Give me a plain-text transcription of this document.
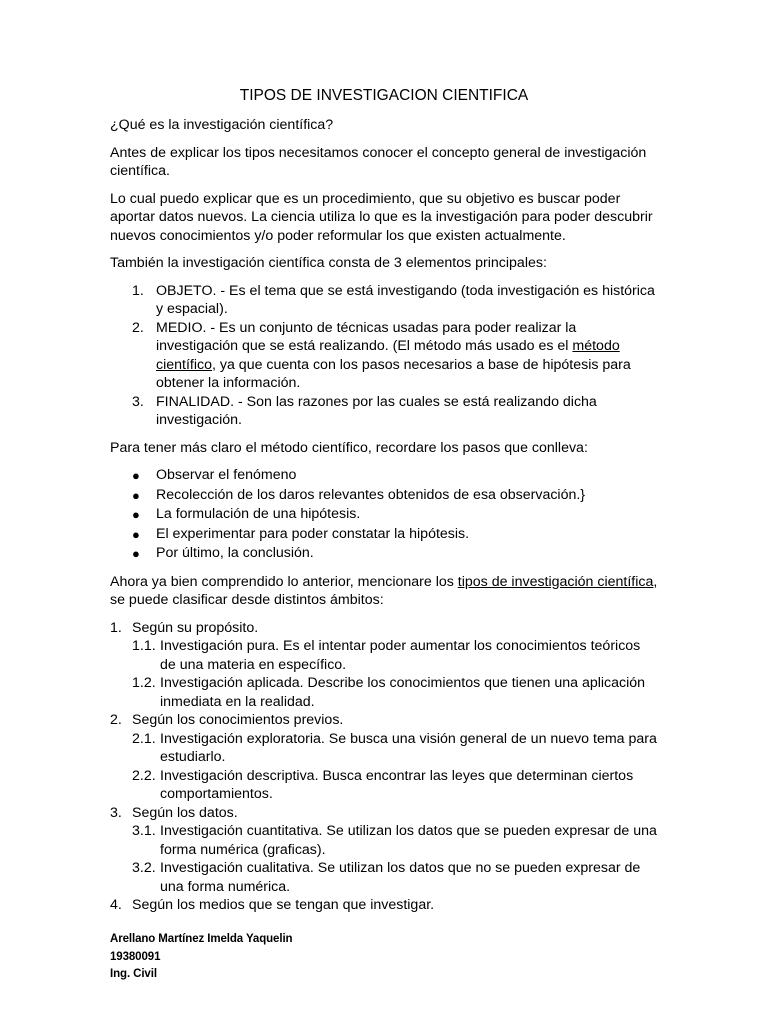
TIPOS DE INVESTIGACION CIENTIFICA

¿Qué es la investigación científica?

Antes de explicar los tipos necesitamos conocer el concepto general de investigación científica.

Lo cual puedo explicar que es un procedimiento, que su objetivo es buscar poder aportar datos nuevos. La ciencia utiliza lo que es la investigación para poder descubrir nuevos conocimientos y/o poder reformular los que existen actualmente.

También la investigación científica consta de 3 elementos principales:

1. OBJETO. - Es el tema que se está investigando (toda investigación es histórica y espacial).
2. MEDIO. - Es un conjunto de técnicas usadas para poder realizar la investigación que se está realizando. (El método más usado es el método científico, ya que cuenta con los pasos necesarios a base de hipótesis para obtener la información.
3. FINALIDAD. - Son las razones por las cuales se está realizando dicha investigación.

Para tener más claro el método científico, recordare los pasos que conlleva:

● Observar el fenómeno
● Recolección de los daros relevantes obtenidos de esa observación.}
● La formulación de una hipótesis.
● El experimentar para poder constatar la hipótesis.
● Por último, la conclusión.

Ahora ya bien comprendido lo anterior, mencionare los tipos de investigación científica, se puede clasificar desde distintos ámbitos:

1. Según su propósito.
1.1. Investigación pura. Es el intentar poder aumentar los conocimientos teóricos de una materia en específico.
1.2. Investigación aplicada. Describe los conocimientos que tienen una aplicación inmediata en la realidad.
2. Según los conocimientos previos.
2.1. Investigación exploratoria. Se busca una visión general de un nuevo tema para estudiarlo.
2.2. Investigación descriptiva. Busca encontrar las leyes que determinan ciertos comportamientos.
3. Según los datos.
3.1. Investigación cuantitativa. Se utilizan los datos que se pueden expresar de una forma numérica (graficas).
3.2. Investigación cualitativa. Se utilizan los datos que no se pueden expresar de una forma numérica.
4. Según los medios que se tengan que investigar.
Arellano Martínez Imelda Yaquelin
19380091
Ing. Civil
